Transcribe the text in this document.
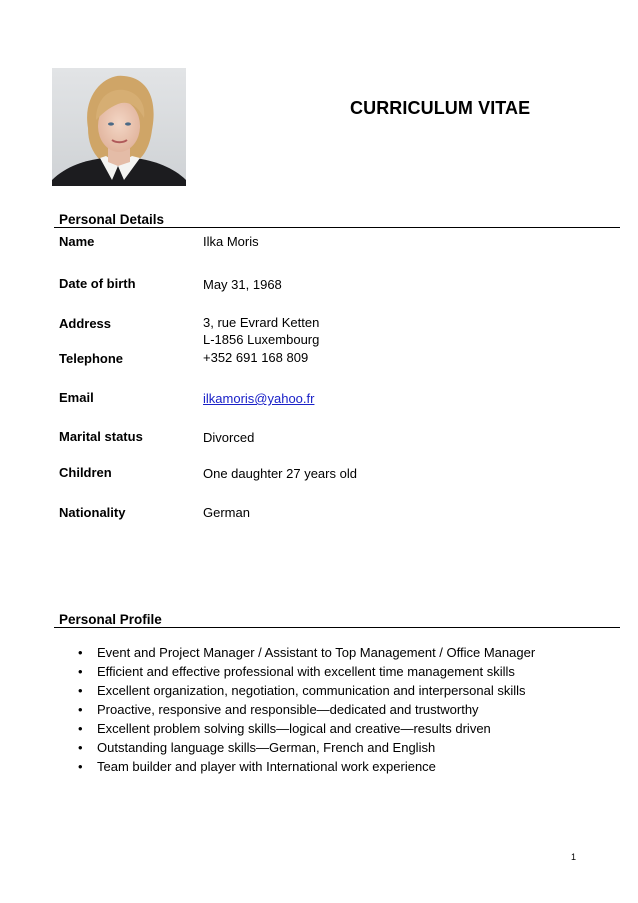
CURRICULUM VITAE
Personal Details
Name	Ilka Moris
Date of birth	May 31, 1968
Address	3, rue Evrard Ketten
L-1856 Luxembourg
Telephone	+352 691 168 809
Email	ilkamoris@yahoo.fr
Marital status	Divorced
Children	One daughter 27 years old
Nationality	German
Personal Profile
• Event and Project Manager / Assistant to Top Management / Office Manager
• Efficient and effective professional with excellent time management skills
• Excellent organization, negotiation, communication and interpersonal skills
• Proactive, responsive and responsible—dedicated and trustworthy
• Excellent problem solving skills—logical and creative—results driven
• Outstanding language skills—German, French and English
• Team builder and player with International work experience
1
